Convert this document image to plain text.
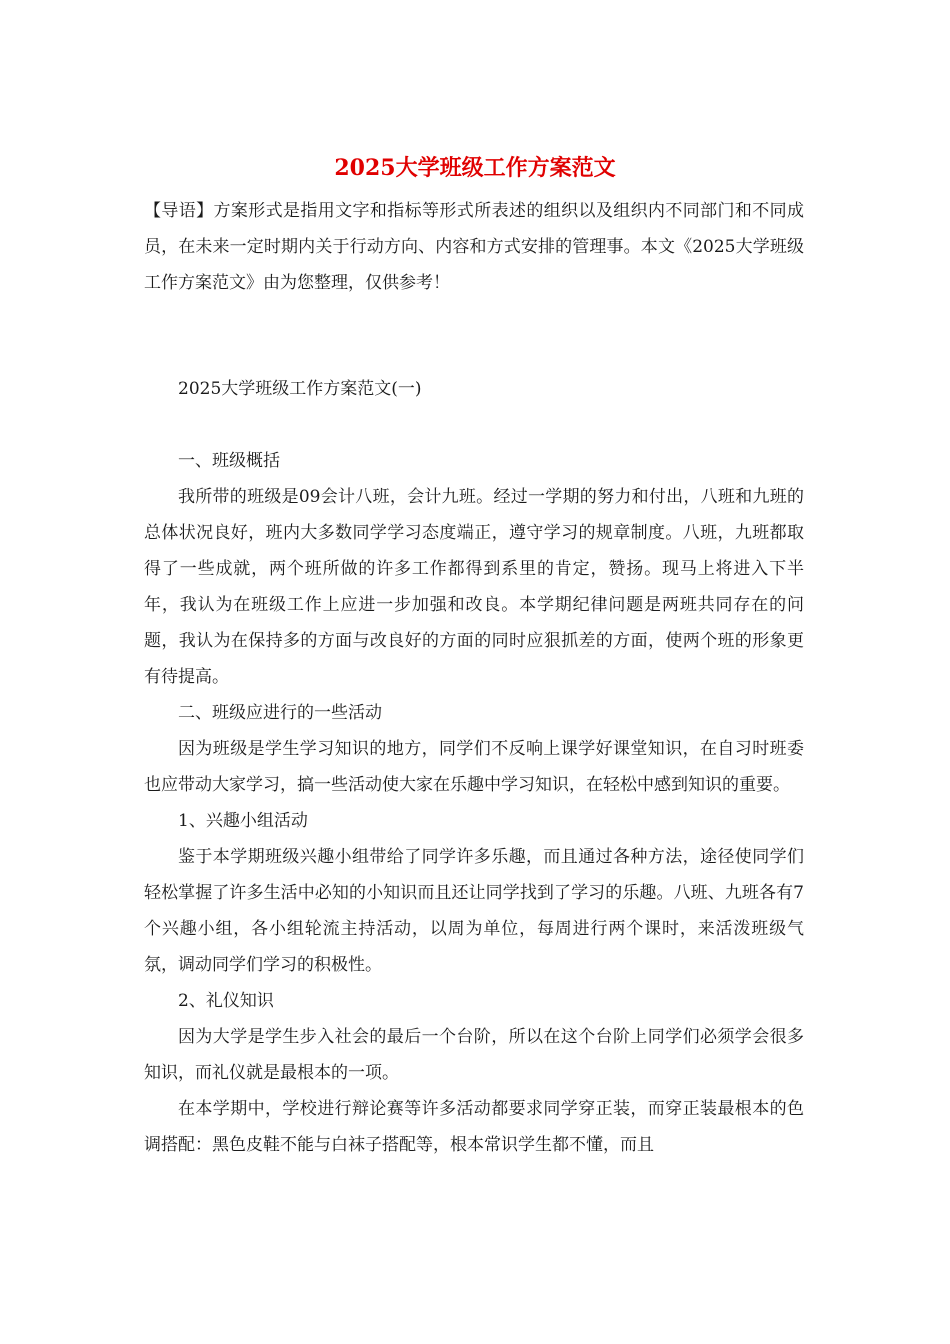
2025大学班级工作方案范文

【导语】方案形式是指用文字和指标等形式所表述的组织以及组织内不同部门和不同成员，在未来一定时期内关于行动方向、内容和方式安排的管理事。本文《2025大学班级工作方案范文》由为您整理，仅供参考！

2025大学班级工作方案范文(一)

一、班级概括

我所带的班级是09会计八班，会计九班。经过一学期的努力和付出，八班和九班的总体状况良好，班内大多数同学学习态度端正，遵守学习的规章制度。八班，九班都取得了一些成就，两个班所做的许多工作都得到系里的肯定，赞扬。现马上将进入下半年，我认为在班级工作上应进一步加强和改良。本学期纪律问题是两班共同存在的问题，我认为在保持多的方面与改良好的方面的同时应狠抓差的方面，使两个班的形象更有待提高。

二、班级应进行的一些活动

因为班级是学生学习知识的地方，同学们不反响上课学好课堂知识，在自习时班委也应带动大家学习，搞一些活动使大家在乐趣中学习知识，在轻松中感到知识的重要。

1、兴趣小组活动

鉴于本学期班级兴趣小组带给了同学许多乐趣，而且通过各种方法，途径使同学们轻松掌握了许多生活中必知的小知识而且还让同学找到了学习的乐趣。八班、九班各有7个兴趣小组，各小组轮流主持活动，以周为单位，每周进行两个课时，来活泼班级气氛，调动同学们学习的积极性。

2、礼仪知识

因为大学是学生步入社会的最后一个台阶，所以在这个台阶上同学们必须学会很多知识，而礼仪就是最根本的一项。

在本学期中，学校进行辩论赛等许多活动都要求同学穿正装，而穿正装最根本的色调搭配：黑色皮鞋不能与白袜子搭配等，根本常识学生都不懂，而且
